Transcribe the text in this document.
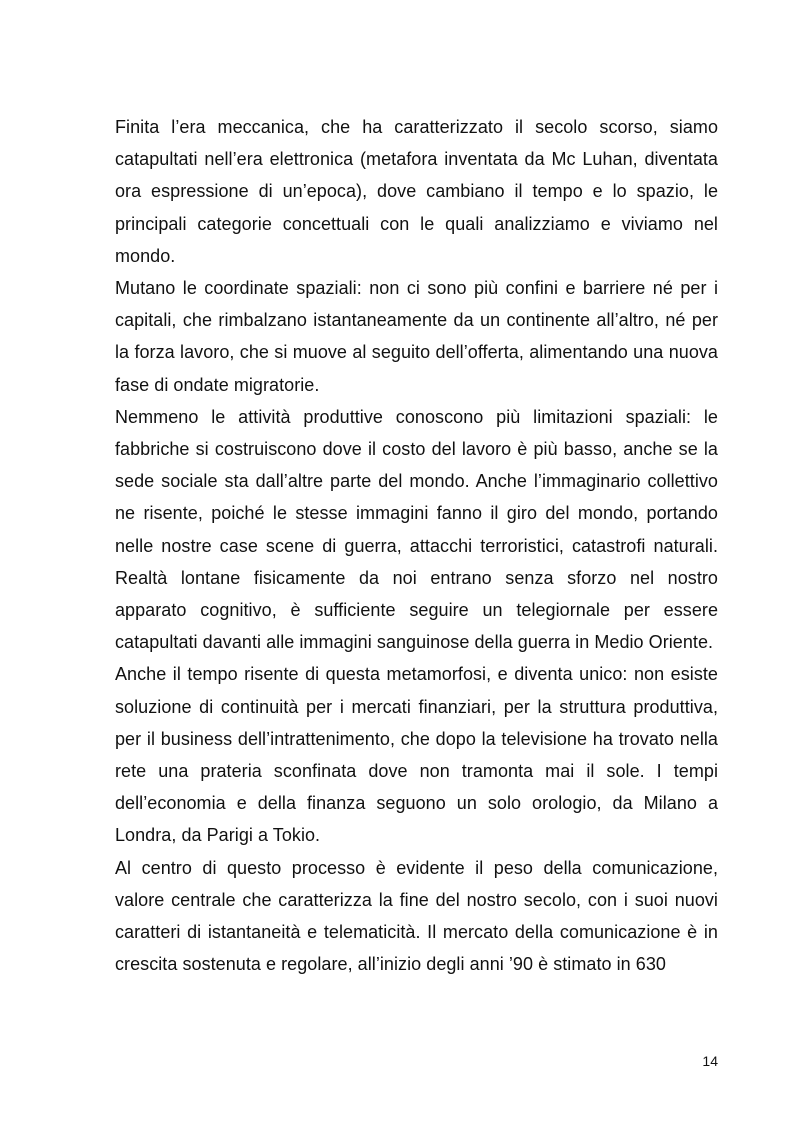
Finita l’era meccanica, che ha caratterizzato il secolo scorso, siamo catapultati nell’era elettronica (metafora inventata da Mc Luhan, diventata ora espressione di un’epoca), dove cambiano il tempo e lo spazio, le principali categorie concettuali con le quali analizziamo e viviamo nel mondo.

Mutano le coordinate spaziali: non ci sono più confini e barriere né per i capitali, che rimbalzano istantaneamente da un continente all’altro, né per la forza lavoro, che si muove al seguito dell’offerta, alimentando una nuova fase di ondate migratorie.

Nemmeno le attività produttive conoscono più limitazioni spaziali: le fabbriche si costruiscono dove il costo del lavoro è più basso, anche se la sede sociale sta dall’altre parte del mondo. Anche l’immaginario collettivo ne risente, poiché le stesse immagini fanno il giro del mondo, portando nelle nostre case scene di guerra, attacchi terroristici, catastrofi naturali. Realtà lontane fisicamente da noi entrano senza sforzo nel nostro apparato cognitivo, è sufficiente seguire un telegiornale per essere catapultati davanti alle immagini sanguinose della guerra in Medio Oriente.

Anche il tempo risente di questa metamorfosi, e diventa unico: non esiste soluzione di continuità per i mercati finanziari, per la struttura produttiva, per il business dell’intrattenimento, che dopo la televisione ha trovato nella rete una prateria sconfinata dove non tramonta mai il sole. I tempi dell’economia e della finanza seguono un solo orologio, da Milano a Londra, da Parigi a Tokio.

Al centro di questo processo è evidente il peso della comunicazione, valore centrale che caratterizza la fine del nostro secolo, con i suoi nuovi caratteri di istantaneità e telematicità. Il mercato della comunicazione è in crescita sostenuta e regolare, all’inizio degli anni ’90 è stimato in 630

14
